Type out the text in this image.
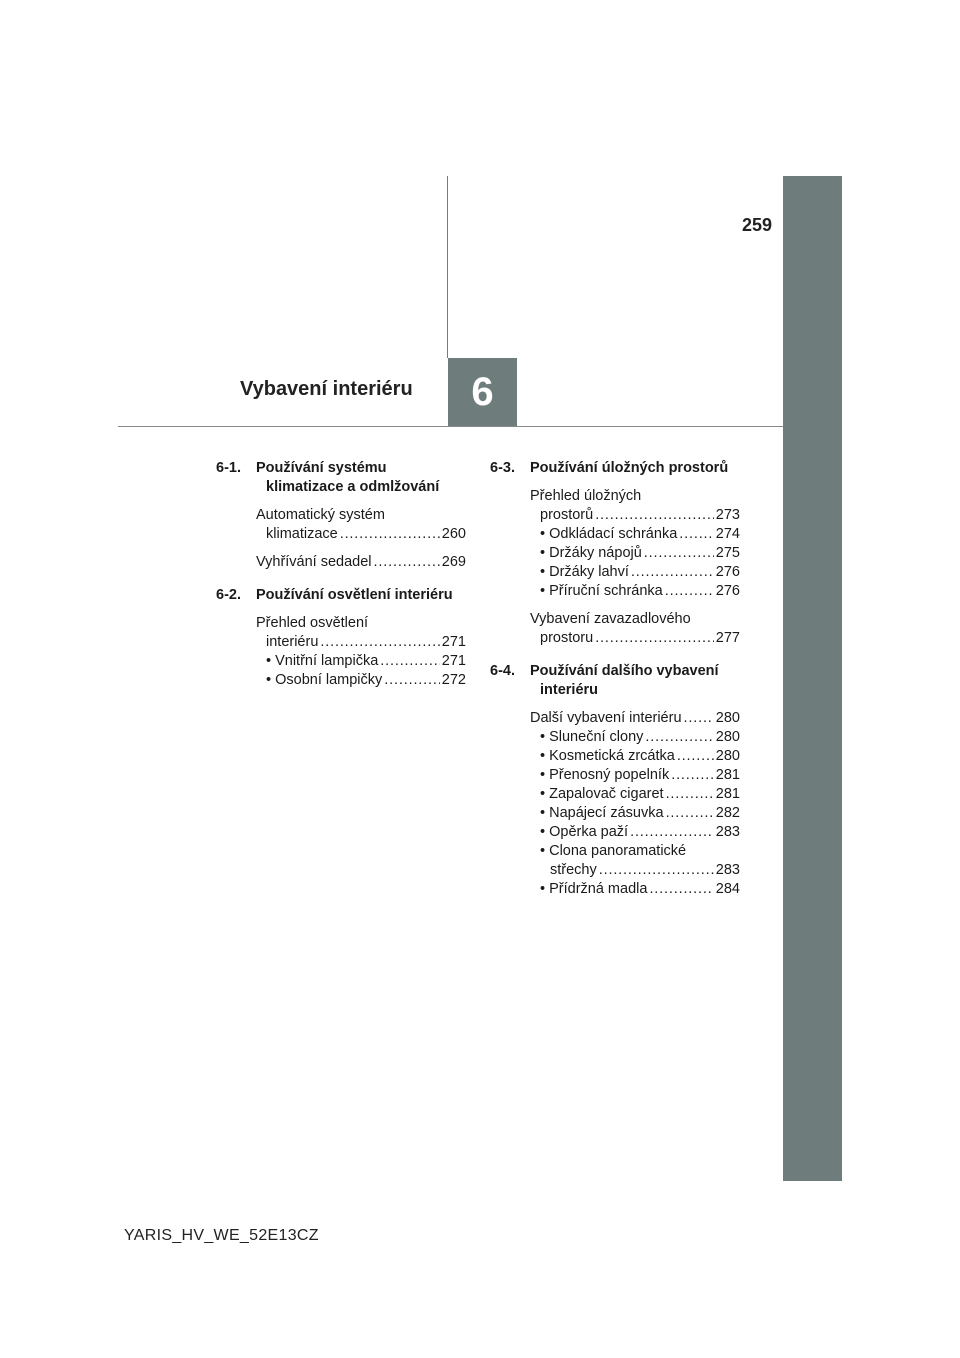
259
Vybavení interiéru	6
6-1.	Používání systému
klimatizace a odmlžování
Automatický systém
klimatizace . . .	260
Vyhřívání sedadel . . .	269
6-2.	Používání osvětlení interiéru
Přehled osvětlení
interiéru . . .	271
• Vnitřní lampička . . .	271
• Osobní lampičky . . .	272
6-3.	Používání úložných prostorů
Přehled úložných
prostorů . . .	273
• Odkládací schránka . . .	274
• Držáky nápojů . . .	275
• Držáky lahví . . .	276
• Příruční schránka . . .	276
Vybavení zavazadlového
prostoru . . .	277
6-4.	Používání dalšího vybavení
interiéru
Další vybavení interiéru . . . 280
• Sluneční clony . . .	280
• Kosmetická zrcátka . . .	280
• Přenosný popelník . . .	281
• Zapalovač cigaret . . .	281
• Napájecí zásuvka . . .	282
• Opěrka paží . . .	283
• Clona panoramatické
střechy . . .	283
• Přídržná madla . . .	284
YARIS_HV_WE_52E13CZ
